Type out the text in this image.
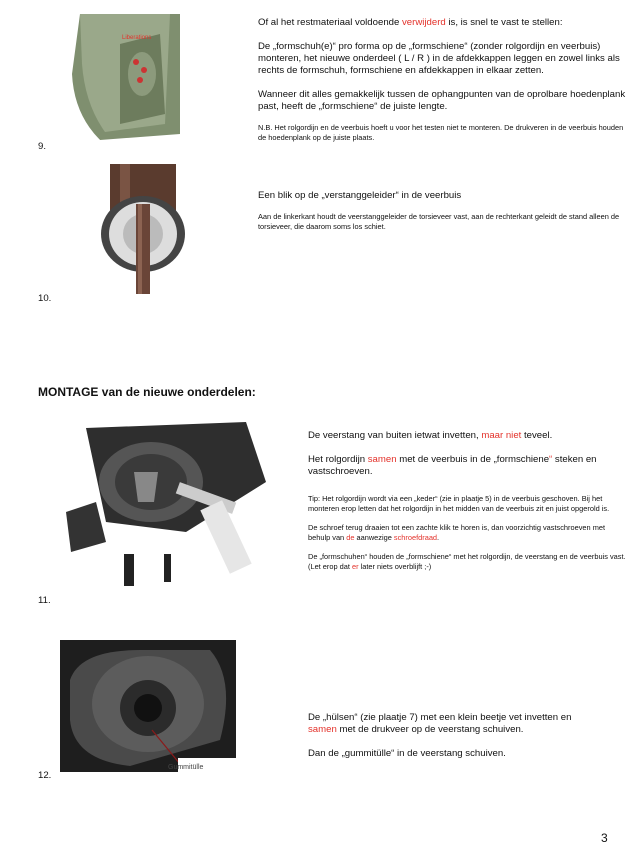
Liberations
9.

Of al het restmateriaal voldoende verwijderd is, is snel te vast te stellen:

De „formschuh(e)“ pro forma op de „formschiene“ (zonder rolgordijn en veerbuis) monteren, het nieuwe onderdeel ( L / R ) in de afdekkappen leggen en zowel links als rechts de formschuh, formschiene en afdekkappen in elkaar zetten.

Wanneer dit alles gemakkelijk tussen de ophangpunten van de oprolbare hoedenplank past, heeft de „formschiene“ de juiste lengte.

N.B. Het rolgordijn en de veerbuis hoeft u voor het testen niet te monteren. De drukveren in de veerbuis houden de hoedenplank op de juiste plaats.

10.

Een blik op de „verstanggeleider“ in de veerbuis

Aan de linkerkant houdt de veerstanggeleider de torsieveer vast, aan de rechterkant geleidt de stand alleen de torsieveer, die daarom soms los schiet.

MONTAGE van de nieuwe onderdelen:
11.

De veerstang van buiten ietwat invetten, maar niet teveel.

Het rolgordijn samen met de veerbuis in de „formschiene“ steken en vastschroeven.

Tip: Het rolgordijn wordt via een „keder“ (zie in plaatje 5) in de veerbuis geschoven. Bij het monteren erop letten dat het rolgordijn in het midden van de veerbuis zit en juist opgerold is.

De schroef terug draaien tot een zachte klik te horen is, dan voorzichtig vastschroeven met behulp van de aanwezige schroefdraad.

De „formschuhen“ houden de „formschiene“ met het rolgordijn, de veerstang en de veerbuis vast. (Let erop dat er later niets overblijft ;-)

Gummitülle
12.

De „hülsen“ (zie plaatje 7) met een klein beetje vet invetten en

samen met de drukveer op de veerstang schuiven.

Dan de „gummitülle“ in de veerstang schuiven.

3
